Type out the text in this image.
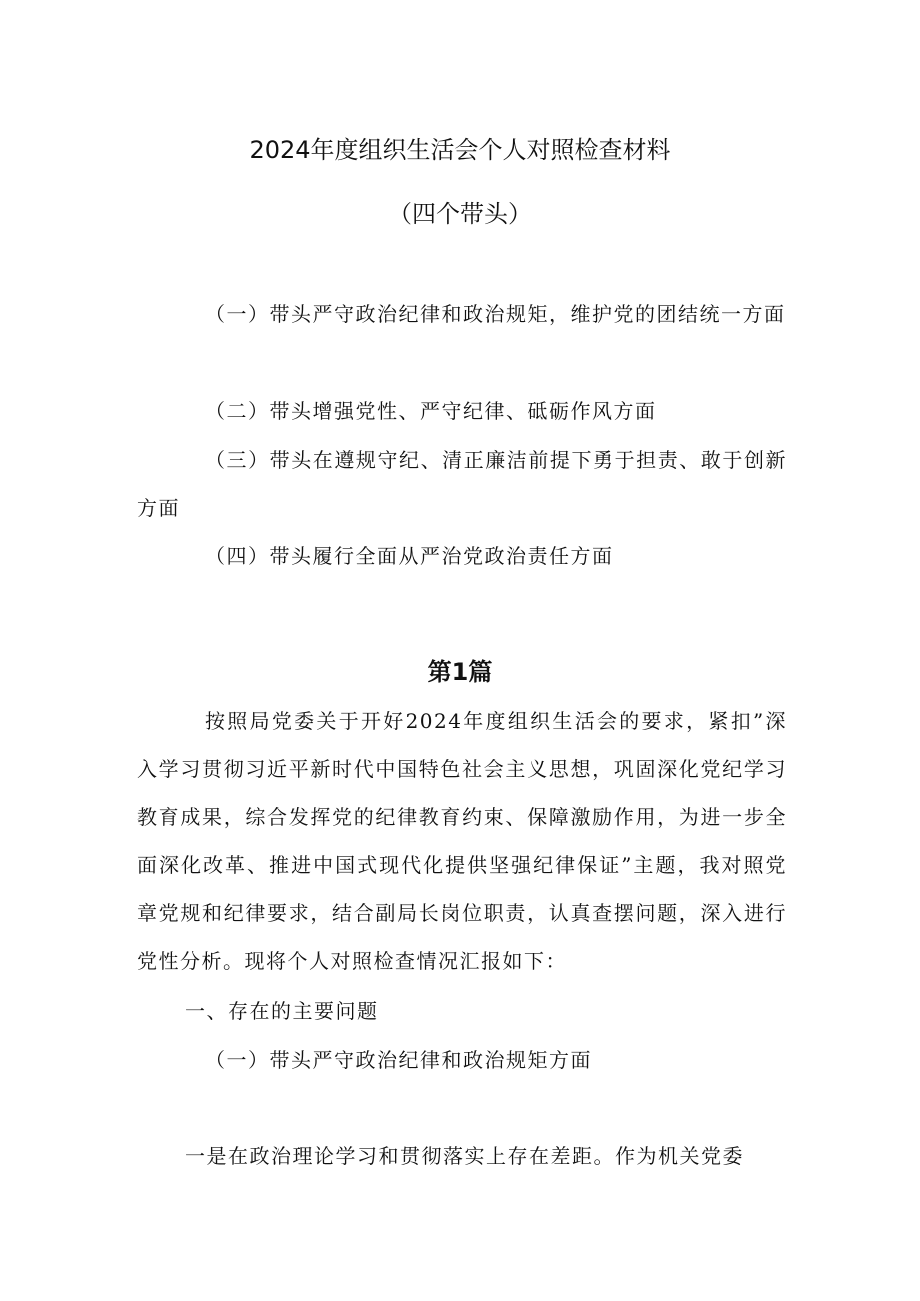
2024年度组织生活会个人对照检查材料
（四个带头）

（一）带头严守政治纪律和政治规矩，维护党的团结统一方面

（二）带头增强党性、严守纪律、砥砺作风方面

（三）带头在遵规守纪、清正廉洁前提下勇于担责、敢于创新方面

（四）带头履行全面从严治党政治责任方面

第1篇

按照局党委关于开好2024年度组织生活会的要求，紧扣”深入学习贯彻习近平新时代中国特色社会主义思想，巩固深化党纪学习教育成果，综合发挥党的纪律教育约束、保障激励作用，为进一步全面深化改革、推进中国式现代化提供坚强纪律保证”主题，我对照党章党规和纪律要求，结合副局长岗位职责，认真查摆问题，深入进行党性分析。现将个人对照检查情况汇报如下：

一、存在的主要问题

（一）带头严守政治纪律和政治规矩方面

一是在政治理论学习和贯彻落实上存在差距。作为机关党委
